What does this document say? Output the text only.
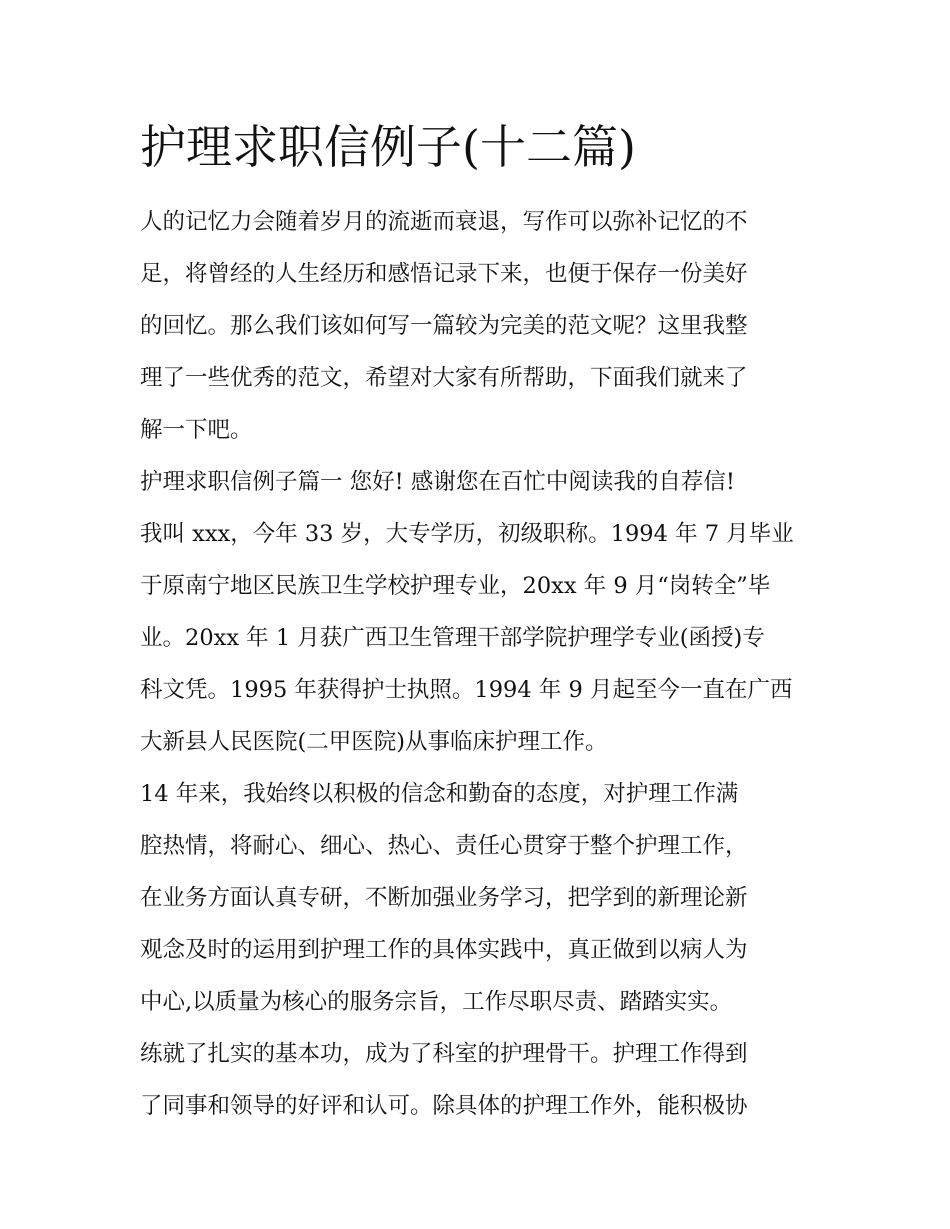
护理求职信例子(十二篇)

人的记忆力会随着岁月的流逝而衰退，写作可以弥补记忆的不
足，将曾经的人生经历和感悟记录下来，也便于保存一份美好
的回忆。那么我们该如何写一篇较为完美的范文呢？这里我整
理了一些优秀的范文，希望对大家有所帮助，下面我们就来了
解一下吧。

护理求职信例子篇一 您好! 感谢您在百忙中阅读我的自荐信!

我叫 xxx，今年 33 岁，大专学历，初级职称。1994 年 7 月毕业
于原南宁地区民族卫生学校护理专业，20xx 年 9 月“岗转全”毕
业。20xx 年 1 月获广西卫生管理干部学院护理学专业(函授)专
科文凭。1995 年获得护士执照。1994 年 9 月起至今一直在广西
大新县人民医院(二甲医院)从事临床护理工作。

14 年来，我始终以积极的信念和勤奋的态度，对护理工作满
腔热情，将耐心、细心、热心、责任心贯穿于整个护理工作，
在业务方面认真专研，不断加强业务学习，把学到的新理论新
观念及时的运用到护理工作的具体实践中，真正做到以病人为
中心,以质量为核心的服务宗旨，工作尽职尽责、踏踏实实。
练就了扎实的基本功，成为了科室的护理骨干。护理工作得到
了同事和领导的好评和认可。除具体的护理工作外，能积极协
